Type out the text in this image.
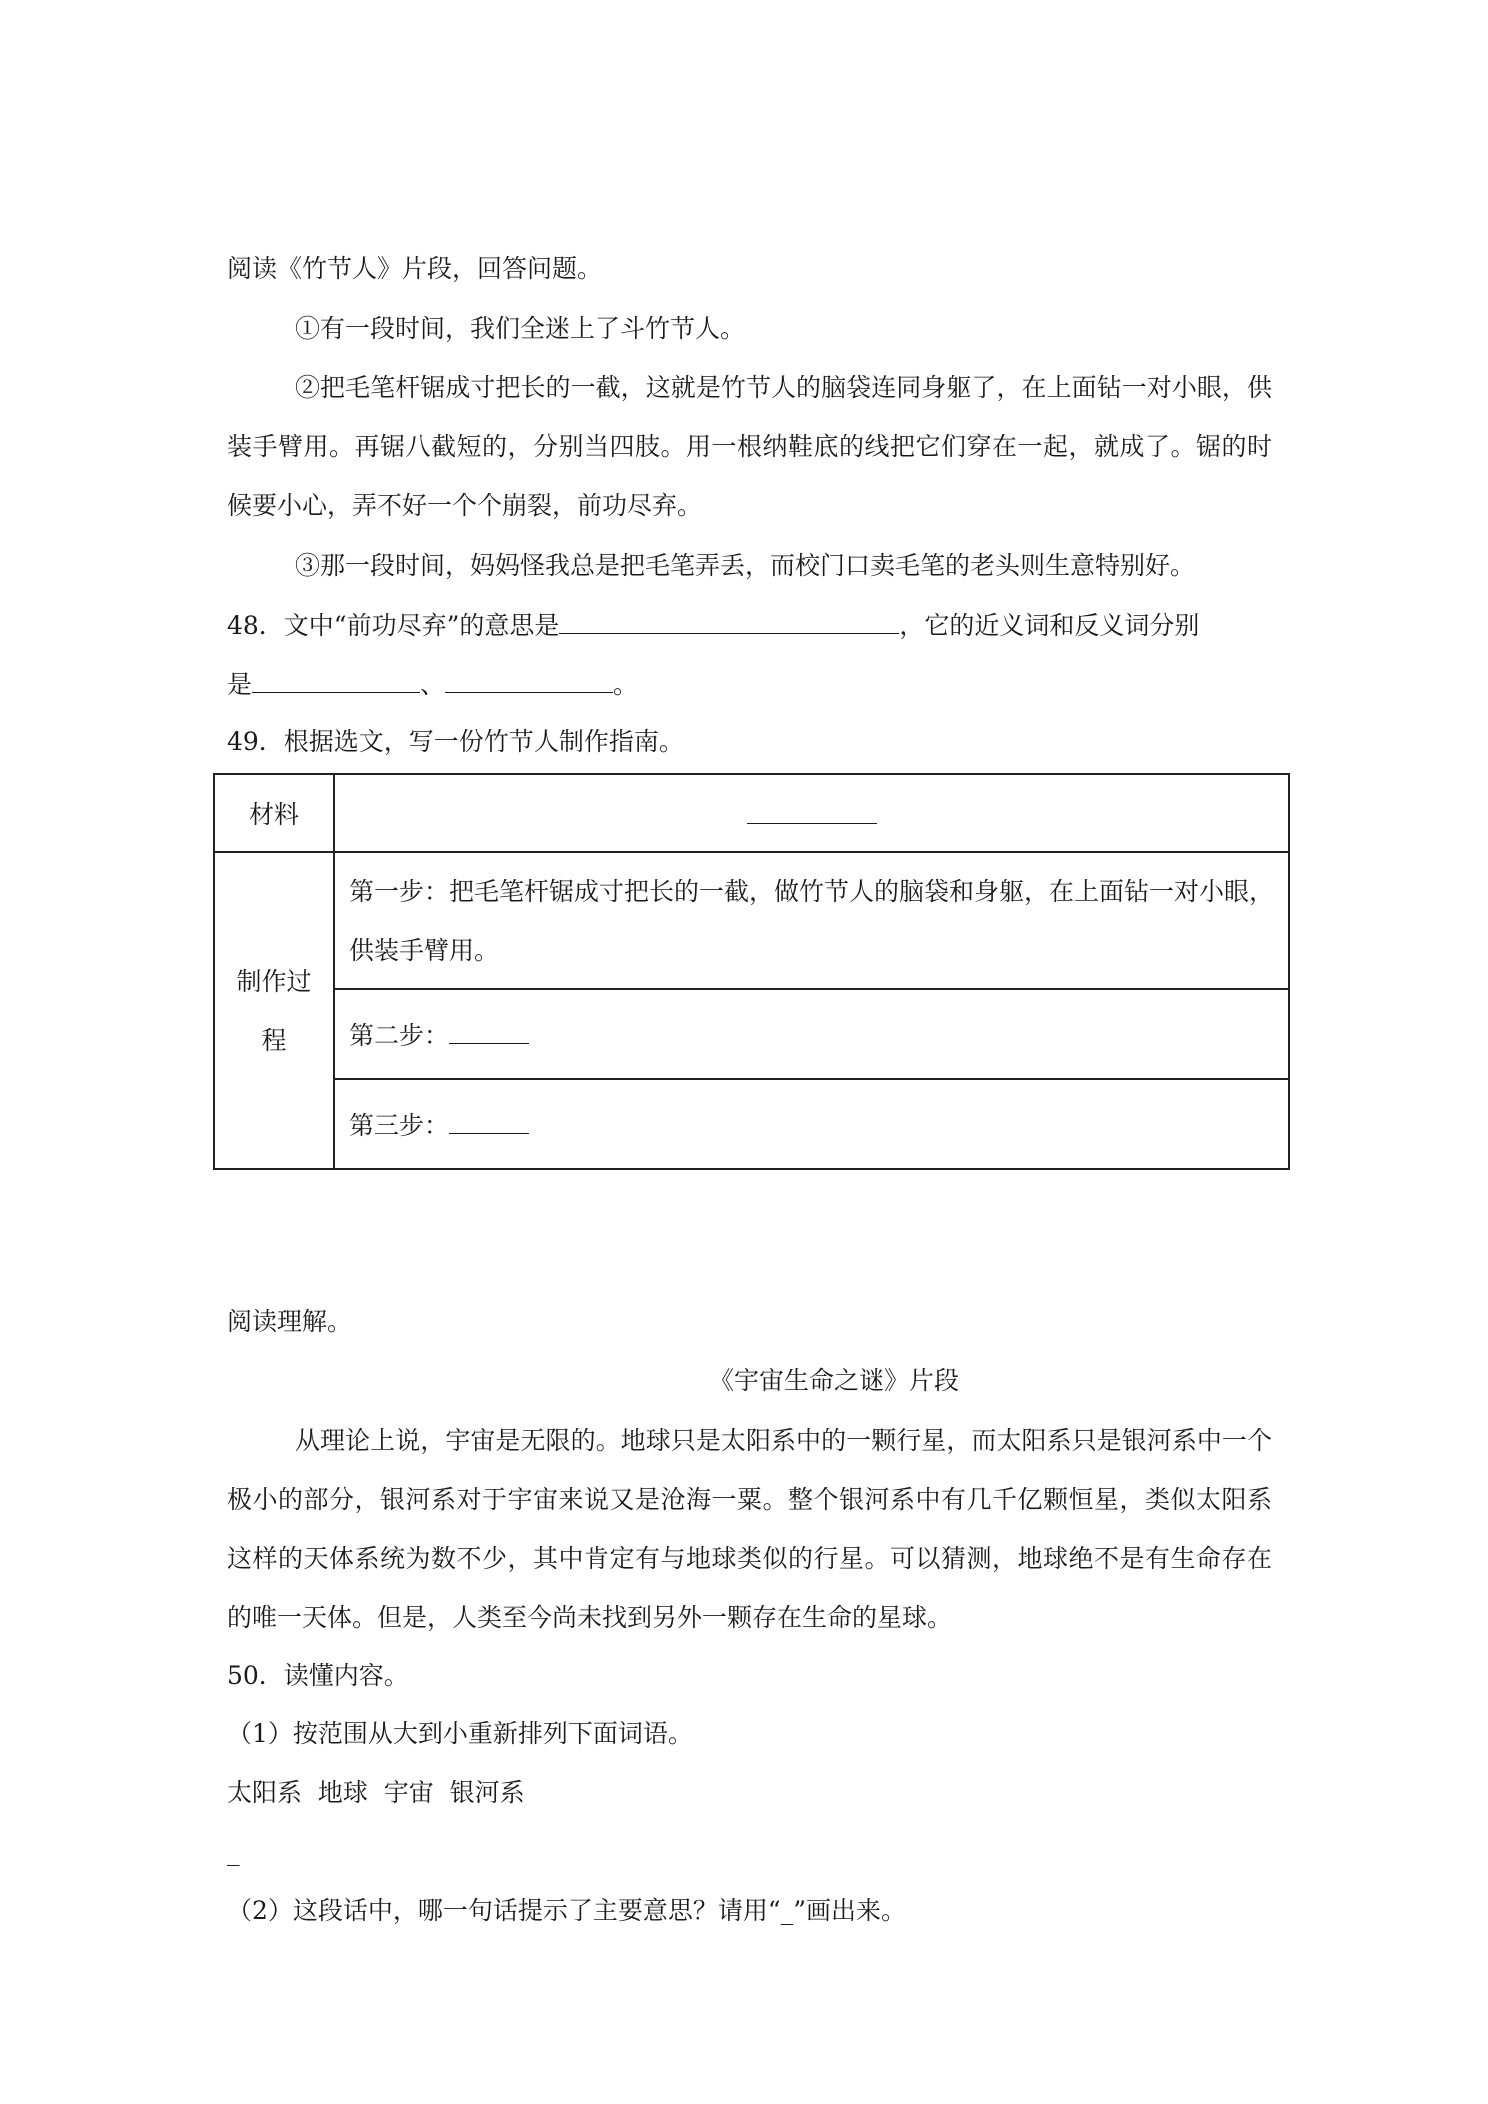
阅读《竹节人》片段，回答问题。
①有一段时间，我们全迷上了斗竹节人。
②把毛笔杆锯成寸把长的一截，这就是竹节人的脑袋连同身躯了，在上面钻一对小眼，供装手臂用。再锯八截短的，分别当四肢。用一根纳鞋底的线把它们穿在一起，就成了。锯的时候要小心，弄不好一个个崩裂，前功尽弃。
③那一段时间，妈妈怪我总是把毛笔弄丢，而校门口卖毛笔的老头则生意特别好。
48．文中“前功尽弃”的意思是	，它的近义词和反义词分别
是	、	。
49．根据选文，写一份竹节人制作指南。
材料	
制作过程	第一步：把毛笔杆锯成寸把长的一截，做竹节人的脑袋和身躯，在上面钻一对小眼，供装手臂用。
	第二步：
	第三步：
阅读理解。
《宇宙生命之谜》片段
从理论上说，宇宙是无限的。地球只是太阳系中的一颗行星，而太阳系只是银河系中一个极小的部分，银河系对于宇宙来说又是沧海一粟。整个银河系中有几千亿颗恒星，类似太阳系这样的天体系统为数不少，其中肯定有与地球类似的行星。可以猜测，地球绝不是有生命存在的唯一天体。但是，人类至今尚未找到另外一颗存在生命的星球。
50．读懂内容。
（1）按范围从大到小重新排列下面词语。
太阳系  地球  宇宙  银河系
_
（2）这段话中，哪一句话提示了主要意思？请用“_”画出来。
